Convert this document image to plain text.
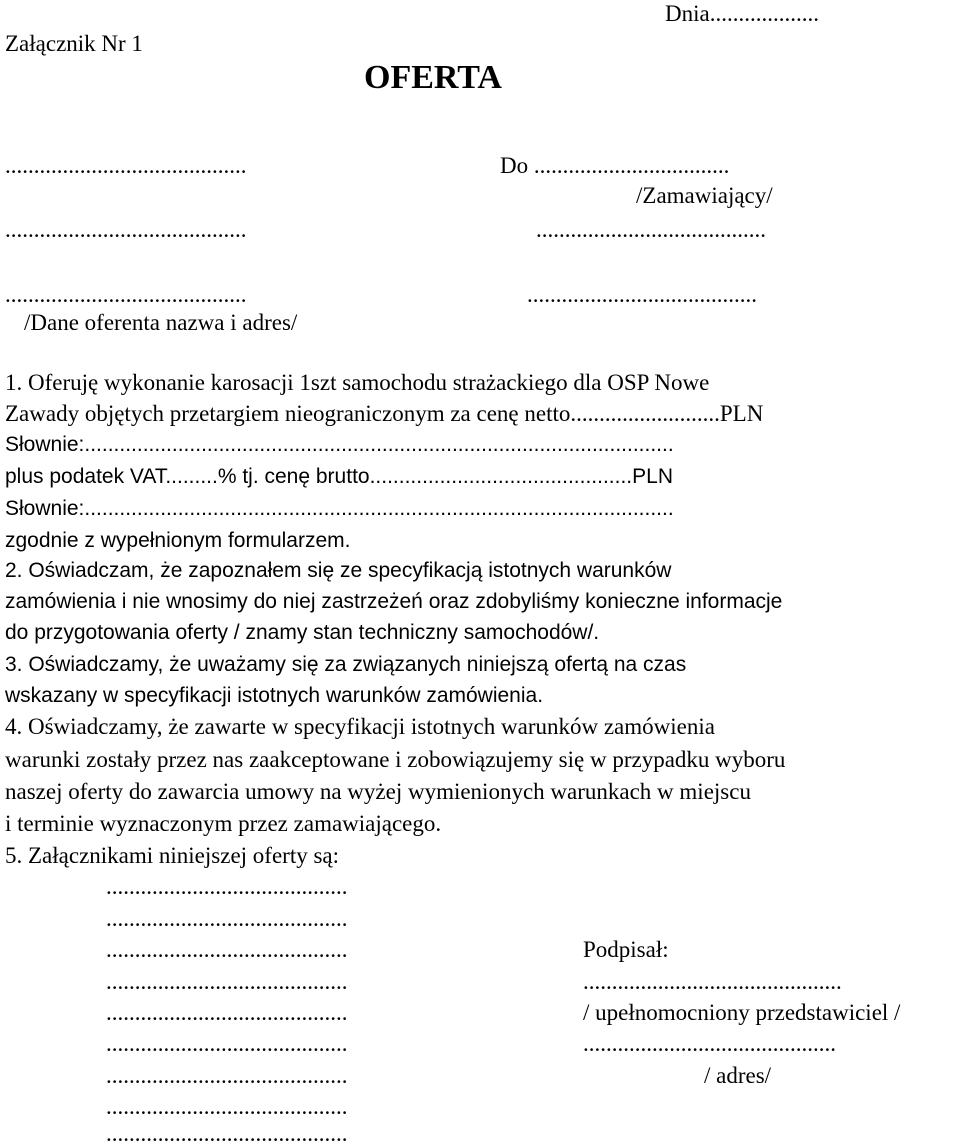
Dnia...................
Załącznik Nr 1
OFERTA
..........................................
..........................................
..........................................
/Dane oferenta nazwa i adres/
Do ..................................
/Zamawiający/
........................................
........................................
1. Oferuję wykonanie karosacji 1szt samochodu strażackiego dla OSP Nowe
Zawady objętych przetargiem nieograniczonym za cenę netto..........................PLN
Słownie:.....................................................................................................
plus podatek VAT.........% tj. cenę brutto.............................................PLN
Słownie:.....................................................................................................
zgodnie z wypełnionym formularzem.
2. Oświadczam, że zapoznałem się ze specyfikacją istotnych warunków
zamówienia i nie wnosimy do niej zastrzeżeń oraz zdobyliśmy konieczne informacje
do przygotowania oferty / znamy stan techniczny samochodów/.
3. Oświadczamy, że uważamy się za związanych niniejszą ofertą na czas
wskazany w specyfikacji istotnych warunków zamówienia.
4. Oświadczamy, że zawarte w specyfikacji istotnych warunków zamówienia
warunki zostały przez nas zaakceptowane i zobowiązujemy się w przypadku wyboru
naszej oferty do zawarcia umowy na wyżej wymienionych warunkach w miejscu
i terminie wyznaczonym przez zamawiającego.
5. Załącznikami niniejszej oferty są:
..........................................
..........................................
..........................................
..........................................
..........................................
..........................................
..........................................
..........................................
..........................................
Podpisał:
.............................................
/ upełnomocniony przedstawiciel /
............................................
/ adres/
